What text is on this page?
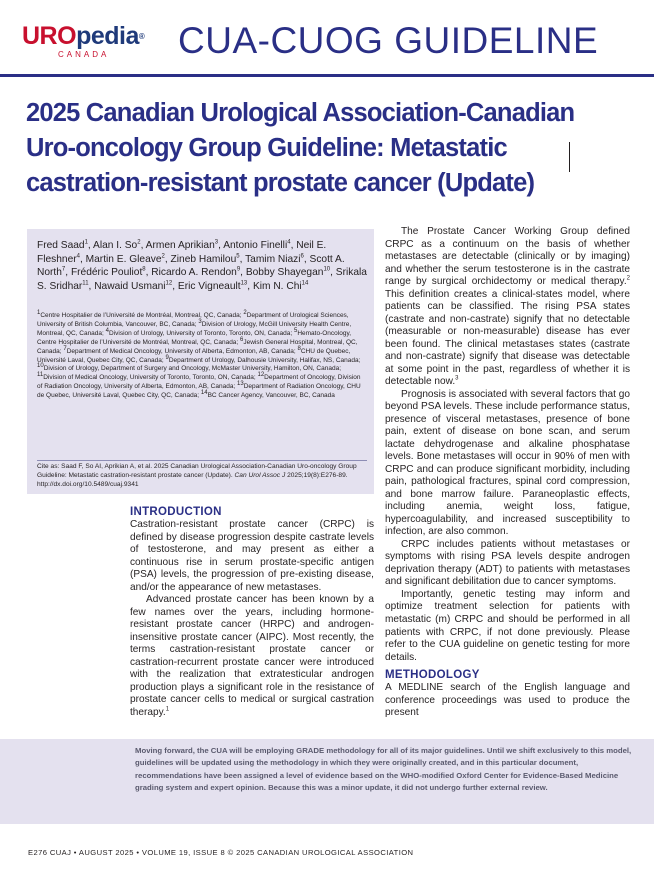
UROpedia®
CANADA CUA-CUOG GUIDELINE
2025 Canadian Urological Association-Canadian Uro-oncology Group Guideline: Metastatic castration-resistant prostate cancer (Update)
Fred Saad$^1$, Alan I. So$^2$, Armen Aprikian$^3$, Antonio Finelli$^4$, Neil E. Fleshner$^4$, Martin E. Gleave$^2$, Zineb Hamilou$^5$, Tamim Niazi$^6$, Scott A. North$^7$, Frédéric Pouliot$^8$, Ricardo A. Rendon$^9$, Bobby Shayegan$^{10}$, Srikala S. Sridhar$^{11}$, Nawaid Usmani$^{12}$, Eric Vigneault$^{13}$, Kim N. Chi$^{14}$
$^1$Centre Hospitalier de l’Université de Montréal, Montreal, QC, Canada; $^2$Department of Urological Sciences, University of British Columbia, Vancouver, BC, Canada; $^3$Division of Urology, McGill University Health Centre, Montreal, QC, Canada; $^4$Division of Urology, University of Toronto, Toronto, ON, Canada; $^5$Hemato-Oncology, Centre Hospitalier de l’Université de Montréal, Montreal, QC, Canada; $^6$Jewish General Hospital, Montreal, QC, Canada; $^7$Department of Medical Oncology, University of Alberta, Edmonton, AB, Canada; $^8$CHU de Quebec, Université Laval, Quebec City, QC, Canada; $^9$Department of Urology, Dalhousie University, Halifax, NS, Canada; $^{10}$Division of Urology, Department of Surgery and Oncology, McMaster University, Hamilton, ON, Canada; $^{11}$Division of Medical Oncology, University of Toronto, Toronto, ON, Canada; $^{12}$Department of Oncology, Division of Radiation Oncology, University of Alberta, Edmonton, AB, Canada; $^{13}$Department of Radiation Oncology, CHU de Quebec, Université Laval, Quebec City, QC, Canada; $^{14}$BC Cancer Agency, Vancouver, BC, Canada
Cite as: Saad F, So AI, Aprikian A, et al. 2025 Canadian Urological Association-Canadian Uro-oncology Group Guideline: Metastatic castration-resistant prostate cancer (Update). Can Urol Assoc J 2025;19(8):E276-89. http://dx.doi.org/10.5489/cuaj.9341
INTRODUCTION

Castration-resistant prostate cancer (CRPC) is defined by disease progression despite castrate levels of testosterone, and may present as either a continuous rise in serum prostate-specific antigen (PSA) levels, the progression of pre-existing disease, and/or the appearance of new metastases.

Advanced prostate cancer has been known by a few names over the years, including hormone-resistant prostate cancer (HRPC) and androgen-insensitive prostate cancer (AIPC). Most recently, the terms castration-resistant prostate cancer or castration-recurrent prostate cancer were introduced with the realization that extratesticular androgen production plays a significant role in the resistance of prostate cancer cells to medical or surgical castration therapy.$^1$

The Prostate Cancer Working Group defined CRPC as a continuum on the basis of whether metastases are detectable (clinically or by imaging) and whether the serum testosterone is in the castrate range by surgical orchidectomy or medical therapy.$^2$ This definition creates a clinical-states model, where patients can be classified. The rising PSA states (castrate and non-castrate) signify that no detectable (measurable or non-measurable) disease has ever been found. The clinical metastases states (castrate and non-castrate) signify that disease was detectable at some point in the past, regardless of whether it is detectable now.$^3$

Prognosis is associated with several factors that go beyond PSA levels. These include performance status, presence of visceral metastases, presence of bone pain, extent of disease on bone scan, and serum lactate dehydrogenase and alkaline phosphatase levels. Bone metastases will occur in 90% of men with CRPC and can produce significant morbidity, including pain, pathological fractures, spinal cord compression, and bone marrow failure. Paraneoplastic effects, including anemia, weight loss, fatigue, hypercoagulability, and increased susceptibility to infection, are also common.

CRPC includes patients without metastases or symptoms with rising PSA levels despite androgen deprivation therapy (ADT) to patients with metastases and significant debilitation due to cancer symptoms.

Importantly, genetic testing may inform and optimize treatment selection for patients with metastatic (m) CRPC and should be performed in all patients with CRPC, if not done previously. Please refer to the CUA guideline on genetic testing for more details.

METHODOLOGY

A MEDLINE search of the English language and conference proceedings was used to produce the present

Moving forward, the CUA will be employing GRADE methodology for all of its major guidelines. Until we shift exclusively to this model, guidelines will be updated using the methodology in which they were originally created, and in this particular document, recommendations have been assigned a level of evidence based on the WHO-modified Oxford Center for Evidence-Based Medicine grading system and expert opinion. Because this was a minor update, it did not undergo further external review.
E276 CUAJ • AUGUST 2025 • VOLUME 19, ISSUE 8 © 2025 CANADIAN UROLOGICAL ASSOCIATION
